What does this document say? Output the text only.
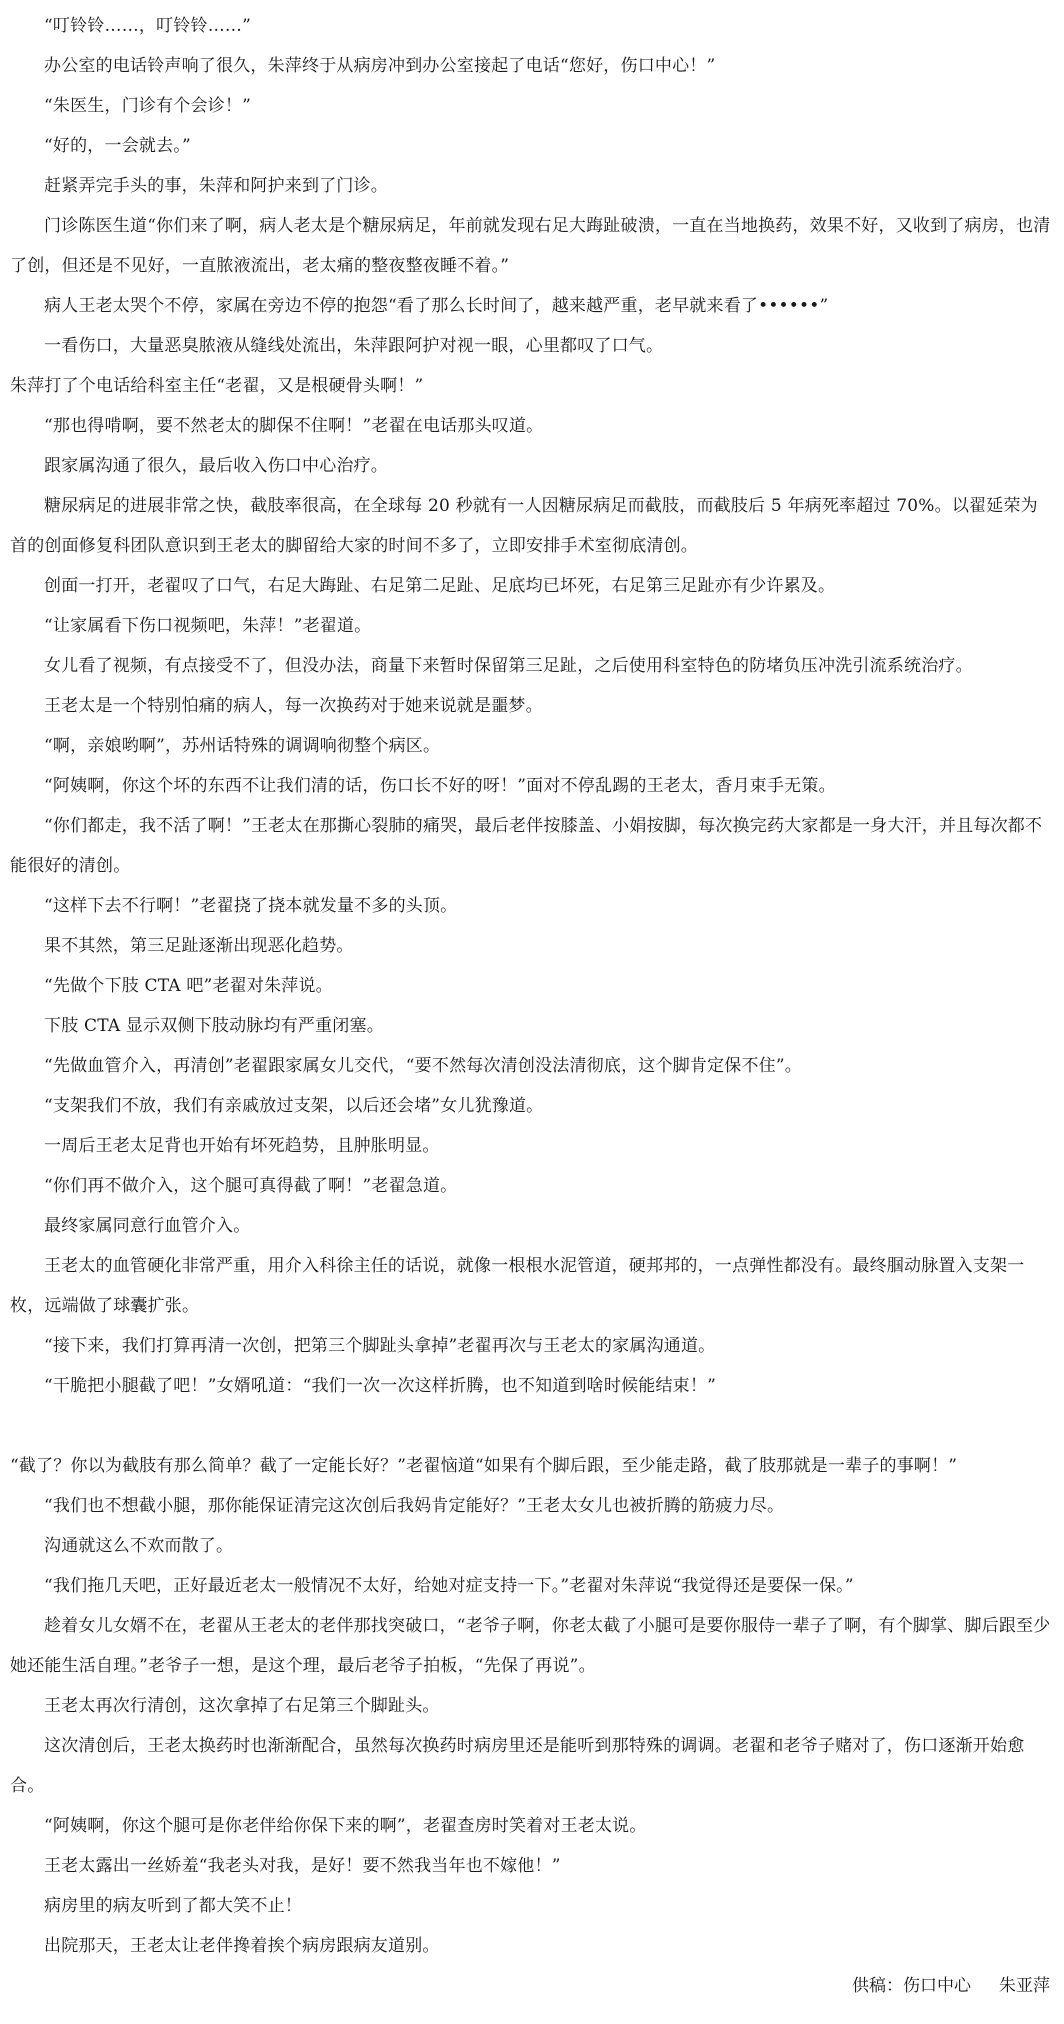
“叮铃铃……，叮铃铃……”
办公室的电话铃声响了很久，朱萍终于从病房冲到办公室接起了电话“您好，伤口中心！”
“朱医生，门诊有个会诊！”
“好的，一会就去。”
赶紧弄完手头的事，朱萍和阿护来到了门诊。
门诊陈医生道“你们来了啊，病人老太是个糖尿病足，年前就发现右足大踇趾破溃，一直在当地换药，效果不好，又收到了病房，也清了创，但还是不见好，一直脓液流出，老太痛的整夜整夜睡不着。”
病人王老太哭个不停，家属在旁边不停的抱怨“看了那么长时间了，越来越严重，老早就来看了••••••”
一看伤口，大量恶臭脓液从缝线处流出，朱萍跟阿护对视一眼，心里都叹了口气。
朱萍打了个电话给科室主任“老翟，又是根硬骨头啊！”
“那也得啃啊，要不然老太的脚保不住啊！”老翟在电话那头叹道。
跟家属沟通了很久，最后收入伤口中心治疗。
糖尿病足的进展非常之快，截肢率很高，在全球每 20 秒就有一人因糖尿病足而截肢，而截肢后 5 年病死率超过 70%。以翟延荣为首的创面修复科团队意识到王老太的脚留给大家的时间不多了，立即安排手术室彻底清创。
创面一打开，老翟叹了口气，右足大踇趾、右足第二足趾、足底均已坏死，右足第三足趾亦有少许累及。
“让家属看下伤口视频吧，朱萍！”老翟道。
女儿看了视频，有点接受不了，但没办法，商量下来暂时保留第三足趾，之后使用科室特色的防堵负压冲洗引流系统治疗。
王老太是一个特别怕痛的病人，每一次换药对于她来说就是噩梦。
“啊，亲娘哟啊”，苏州话特殊的调调响彻整个病区。
“阿姨啊，你这个坏的东西不让我们清的话，伤口长不好的呀！”面对不停乱踢的王老太，香月束手无策。
“你们都走，我不活了啊！”王老太在那撕心裂肺的痛哭，最后老伴按膝盖、小娟按脚，每次换完药大家都是一身大汗，并且每次都不能很好的清创。
“这样下去不行啊！”老翟挠了挠本就发量不多的头顶。
果不其然，第三足趾逐渐出现恶化趋势。
“先做个下肢 CTA 吧”老翟对朱萍说。
下肢 CTA 显示双侧下肢动脉均有严重闭塞。
“先做血管介入，再清创”老翟跟家属女儿交代，“要不然每次清创没法清彻底，这个脚肯定保不住”。
“支架我们不放，我们有亲戚放过支架，以后还会堵”女儿犹豫道。
一周后王老太足背也开始有坏死趋势，且肿胀明显。
“你们再不做介入，这个腿可真得截了啊！”老翟急道。
最终家属同意行血管介入。
王老太的血管硬化非常严重，用介入科徐主任的话说，就像一根根水泥管道，硬邦邦的，一点弹性都没有。最终腘动脉置入支架一枚，远端做了球囊扩张。
“接下来，我们打算再清一次创，把第三个脚趾头拿掉”老翟再次与王老太的家属沟通道。
“干脆把小腿截了吧！”女婿吼道：“我们一次一次这样折腾，也不知道到啥时候能结束！”
“截了？你以为截肢有那么简单？截了一定能长好？”老翟恼道“如果有个脚后跟，至少能走路，截了肢那就是一辈子的事啊！”
“我们也不想截小腿，那你能保证清完这次创后我妈肯定能好？”王老太女儿也被折腾的筋疲力尽。
沟通就这么不欢而散了。
“我们拖几天吧，正好最近老太一般情况不太好，给她对症支持一下。”老翟对朱萍说“我觉得还是要保一保。”
趁着女儿女婿不在，老翟从王老太的老伴那找突破口，“老爷子啊，你老太截了小腿可是要你服侍一辈子了啊，有个脚掌、脚后跟至少她还能生活自理。”老爷子一想，是这个理，最后老爷子拍板，“先保了再说”。
王老太再次行清创，这次拿掉了右足第三个脚趾头。
这次清创后，王老太换药时也渐渐配合，虽然每次换药时病房里还是能听到那特殊的调调。老翟和老爷子赌对了，伤口逐渐开始愈合。
“阿姨啊，你这个腿可是你老伴给你保下来的啊”，老翟查房时笑着对王老太说。
王老太露出一丝娇羞“我老头对我，是好！要不然我当年也不嫁他！”
病房里的病友听到了都大笑不止！
出院那天，王老太让老伴搀着挨个病房跟病友道别。
供稿：伤口中心 朱亚萍
